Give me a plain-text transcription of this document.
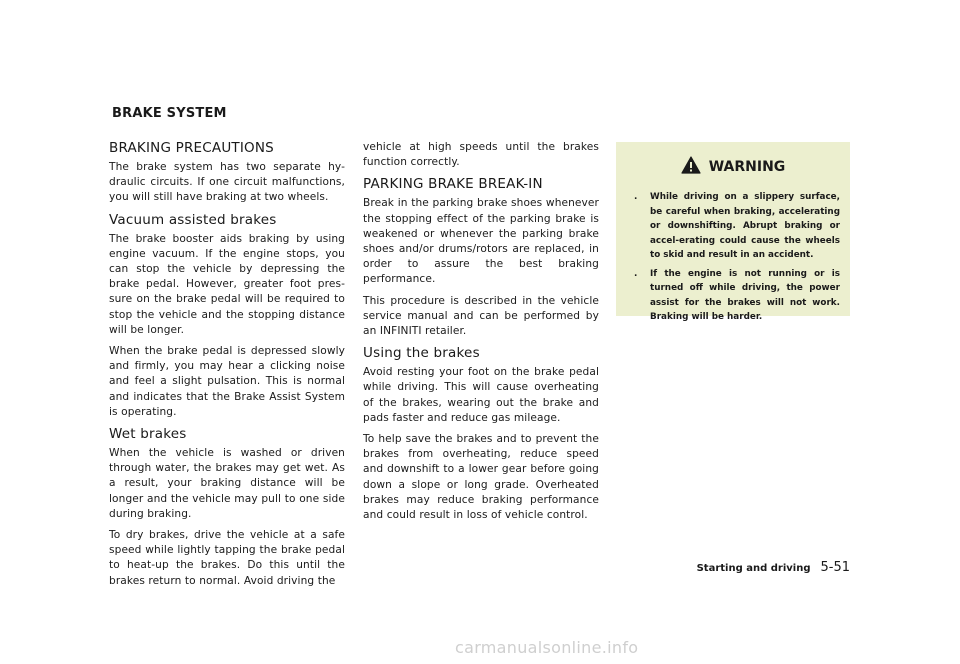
BRAKE SYSTEM
BRAKING PRECAUTIONS

The brake system has two separate hy-draulic circuits. If one circuit malfunctions, you will still have braking at two wheels.

Vacuum assisted brakes

The brake booster aids braking by using engine vacuum. If the engine stops, you can stop the vehicle by depressing the brake pedal. However, greater foot pres-sure on the brake pedal will be required to stop the vehicle and the stopping distance will be longer.

When the brake pedal is depressed slowly and firmly, you may hear a clicking noise and feel a slight pulsation. This is normal and indicates that the Brake Assist System is operating.

Wet brakes

When the vehicle is washed or driven through water, the brakes may get wet. As a result, your braking distance will be longer and the vehicle may pull to one side during braking.

To dry brakes, drive the vehicle at a safe speed while lightly tapping the brake pedal to heat-up the brakes. Do this until the brakes return to normal. Avoid driving the

vehicle at high speeds until the brakes function correctly.

PARKING BRAKE BREAK-IN

Break in the parking brake shoes whenever the stopping effect of the parking brake is weakened or whenever the parking brake shoes and/or drums/rotors are replaced, in order to assure the best braking performance.

This procedure is described in the vehicle service manual and can be performed by an INFINITI retailer.

Using the brakes

Avoid resting your foot on the brake pedal while driving. This will cause overheating of the brakes, wearing out the brake and pads faster and reduce gas mileage.

To help save the brakes and to prevent the brakes from overheating, reduce speed and downshift to a lower gear before going down a slope or long grade. Overheated brakes may reduce braking performance and could result in loss of vehicle control.

WARNING
. While driving on a slippery surface, be careful when braking, accelerating or downshifting. Abrupt braking or accel-erating could cause the wheels to skid and result in an accident.
. If the engine is not running or is turned off while driving, the power assist for the brakes will not work. Braking will be harder.
Starting and driving 5-51
carmanualsonline.info
